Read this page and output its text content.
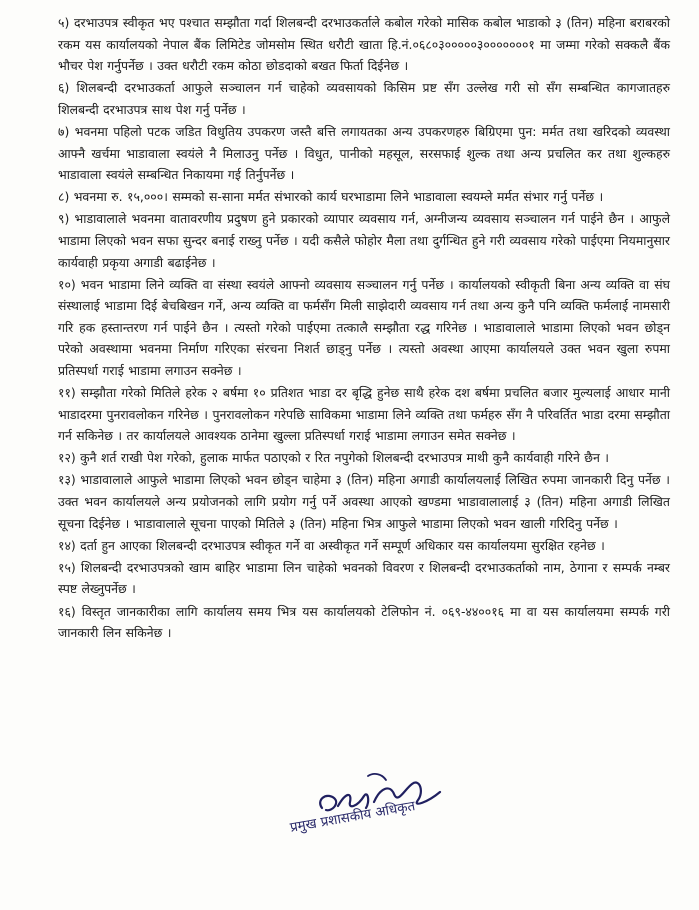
५) दरभाउपत्र स्वीकृत भए पश्चात सम्झौता गर्दा शिलबन्दी दरभाउकर्ताले कबोल गरेको मासिक कबोल भाडाको ३ (तिन) महिना बराबरको रकम यस कार्यालयको नेपाल बैंक लिमिटेड जोमसोम स्थित धरौटी खाता हि.नं.०६८०३०००००३०००००००१ मा जम्मा गरेको सक्कलै बैंक भौचर पेश गर्नुपर्नेछ । उक्त धरौटी रकम कोठा छोडदाको बखत फिर्ता दिईनेछ ।

६) शिलबन्दी दरभाउकर्ता आफुले सञ्चालन गर्न चाहेको व्यवसायको किसिम प्रष्ट सँग उल्लेख गरी सो सँग सम्बन्धित कागजातहरु शिलबन्दी दरभाउपत्र साथ पेश गर्नु पर्नेछ ।

७) भवनमा पहिलो पटक जडित विधुतिय उपकरण जस्तै बत्ति लगायतका अन्य उपकरणहरु बिग्रिएमा पुन: मर्मत तथा खरिदको व्यवस्था आफ्नै खर्चमा भाडावाला स्वयंले नै मिलाउनु पर्नेछ । विधुत, पानीको महसूल, सरसफाई शुल्क तथा अन्य प्रचलित कर तथा शुल्कहरु भाडावाला स्वयंले सम्बन्धित निकायमा गई तिर्नुपर्नेछ ।

८) भवनमा रु. १५,०००। सम्मको स-साना मर्मत संभारको कार्य घरभाडामा लिने भाडावाला स्वयम्ले मर्मत संभार गर्नु पर्नेछ ।

९) भाडावालाले भवनमा वातावरणीय प्रदुषण हुने प्रकारको व्यापार व्यवसाय गर्न, अग्नीजन्य व्यवसाय सञ्चालन गर्न पाईने छैन । आफुले भाडामा लिएको भवन सफा सुन्दर बनाई राख्नु पर्नेछ । यदी कसैले फोहोर मैला तथा दुर्गन्धित हुने गरी व्यवसाय गरेको पाईएमा नियमानुसार कार्यवाही प्रकृया अगाडी बढाईनेछ ।

१०) भवन भाडामा लिने व्यक्ति वा संस्था स्वयंले आफ्नो व्यवसाय सञ्चालन गर्नु पर्नेछ । कार्यालयको स्वीकृती बिना अन्य व्यक्ति वा संघ संस्थालाई भाडामा दिई बेचबिखन गर्ने, अन्य व्यक्ति वा फर्मसँग मिली साझेदारी व्यवसाय गर्न तथा अन्य कुनै पनि व्यक्ति फर्मलाई नामसारी गरि हक हस्तान्तरण गर्न पाईने छैन । त्यस्तो गरेको पाईएमा तत्कालै सम्झौता रद्ध गरिनेछ । भाडावालाले भाडामा लिएको भवन छोड्न परेको अवस्थामा भवनमा निर्माण गरिएका संरचना निशर्त छाड्नु पर्नेछ । त्यस्तो अवस्था आएमा कार्यालयले उक्त भवन खुला रुपमा प्रतिस्पर्धा गराई भाडामा लगाउन सक्नेछ ।

११) सम्झौता गरेको मितिले हरेक २ बर्षमा १० प्रतिशत भाडा दर बृद्धि हुनेछ साथै हरेक दश बर्षमा प्रचलित बजार मुल्यलाई आधार मानी भाडादरमा पुनरावलोकन गरिनेछ । पुनरावलोकन गरेपछि साविकमा भाडामा लिने व्यक्ति तथा फर्महरु सँग नै परिवर्तित भाडा दरमा सम्झौता गर्न सकिनेछ । तर कार्यालयले आवश्यक ठानेमा खुल्ला प्रतिस्पर्धा गराई भाडामा लगाउन समेत सक्नेछ ।

१२) कुनै शर्त राखी पेश गरेको, हुलाक मार्फत पठाएको र रित नपुगेको शिलबन्दी दरभाउपत्र माथी कुनै कार्यवाही गरिने छैन ।

१३) भाडावालाले आफुले भाडामा लिएको भवन छोड्न चाहेमा ३ (तिन) महिना अगाडी कार्यालयलाई लिखित रुपमा जानकारी दिनु पर्नेछ । उक्त भवन कार्यालयले अन्य प्रयोजनको लागि प्रयोग गर्नु पर्ने अवस्था आएको खण्डमा भाडावालालाई ३ (तिन) महिना अगाडी लिखित सूचना दिईनेछ । भाडावालाले सूचना पाएको मितिले ३ (तिन) महिना भित्र आफुले भाडामा लिएको भवन खाली गरिदिनु पर्नेछ ।

१४) दर्ता हुन आएका शिलबन्दी दरभाउपत्र स्वीकृत गर्ने वा अस्वीकृत गर्ने सम्पूर्ण अधिकार यस कार्यालयमा सुरक्षित रहनेछ ।

१५) शिलबन्दी दरभाउपत्रको खाम बाहिर भाडामा लिन चाहेको भवनको विवरण र शिलबन्दी दरभाउकर्ताको नाम, ठेगाना र सम्पर्क नम्बर स्पष्ट लेख्नुपर्नेछ ।

१६) विस्तृत जानकारीका लागि कार्यालय समय भित्र यस कार्यालयको टेलिफोन नं. ०६९-४४००१६ मा वा यस कार्यालयमा सम्पर्क गरी जानकारी लिन सकिनेछ ।

प्रमुख प्रशासकीय अधिकृत
